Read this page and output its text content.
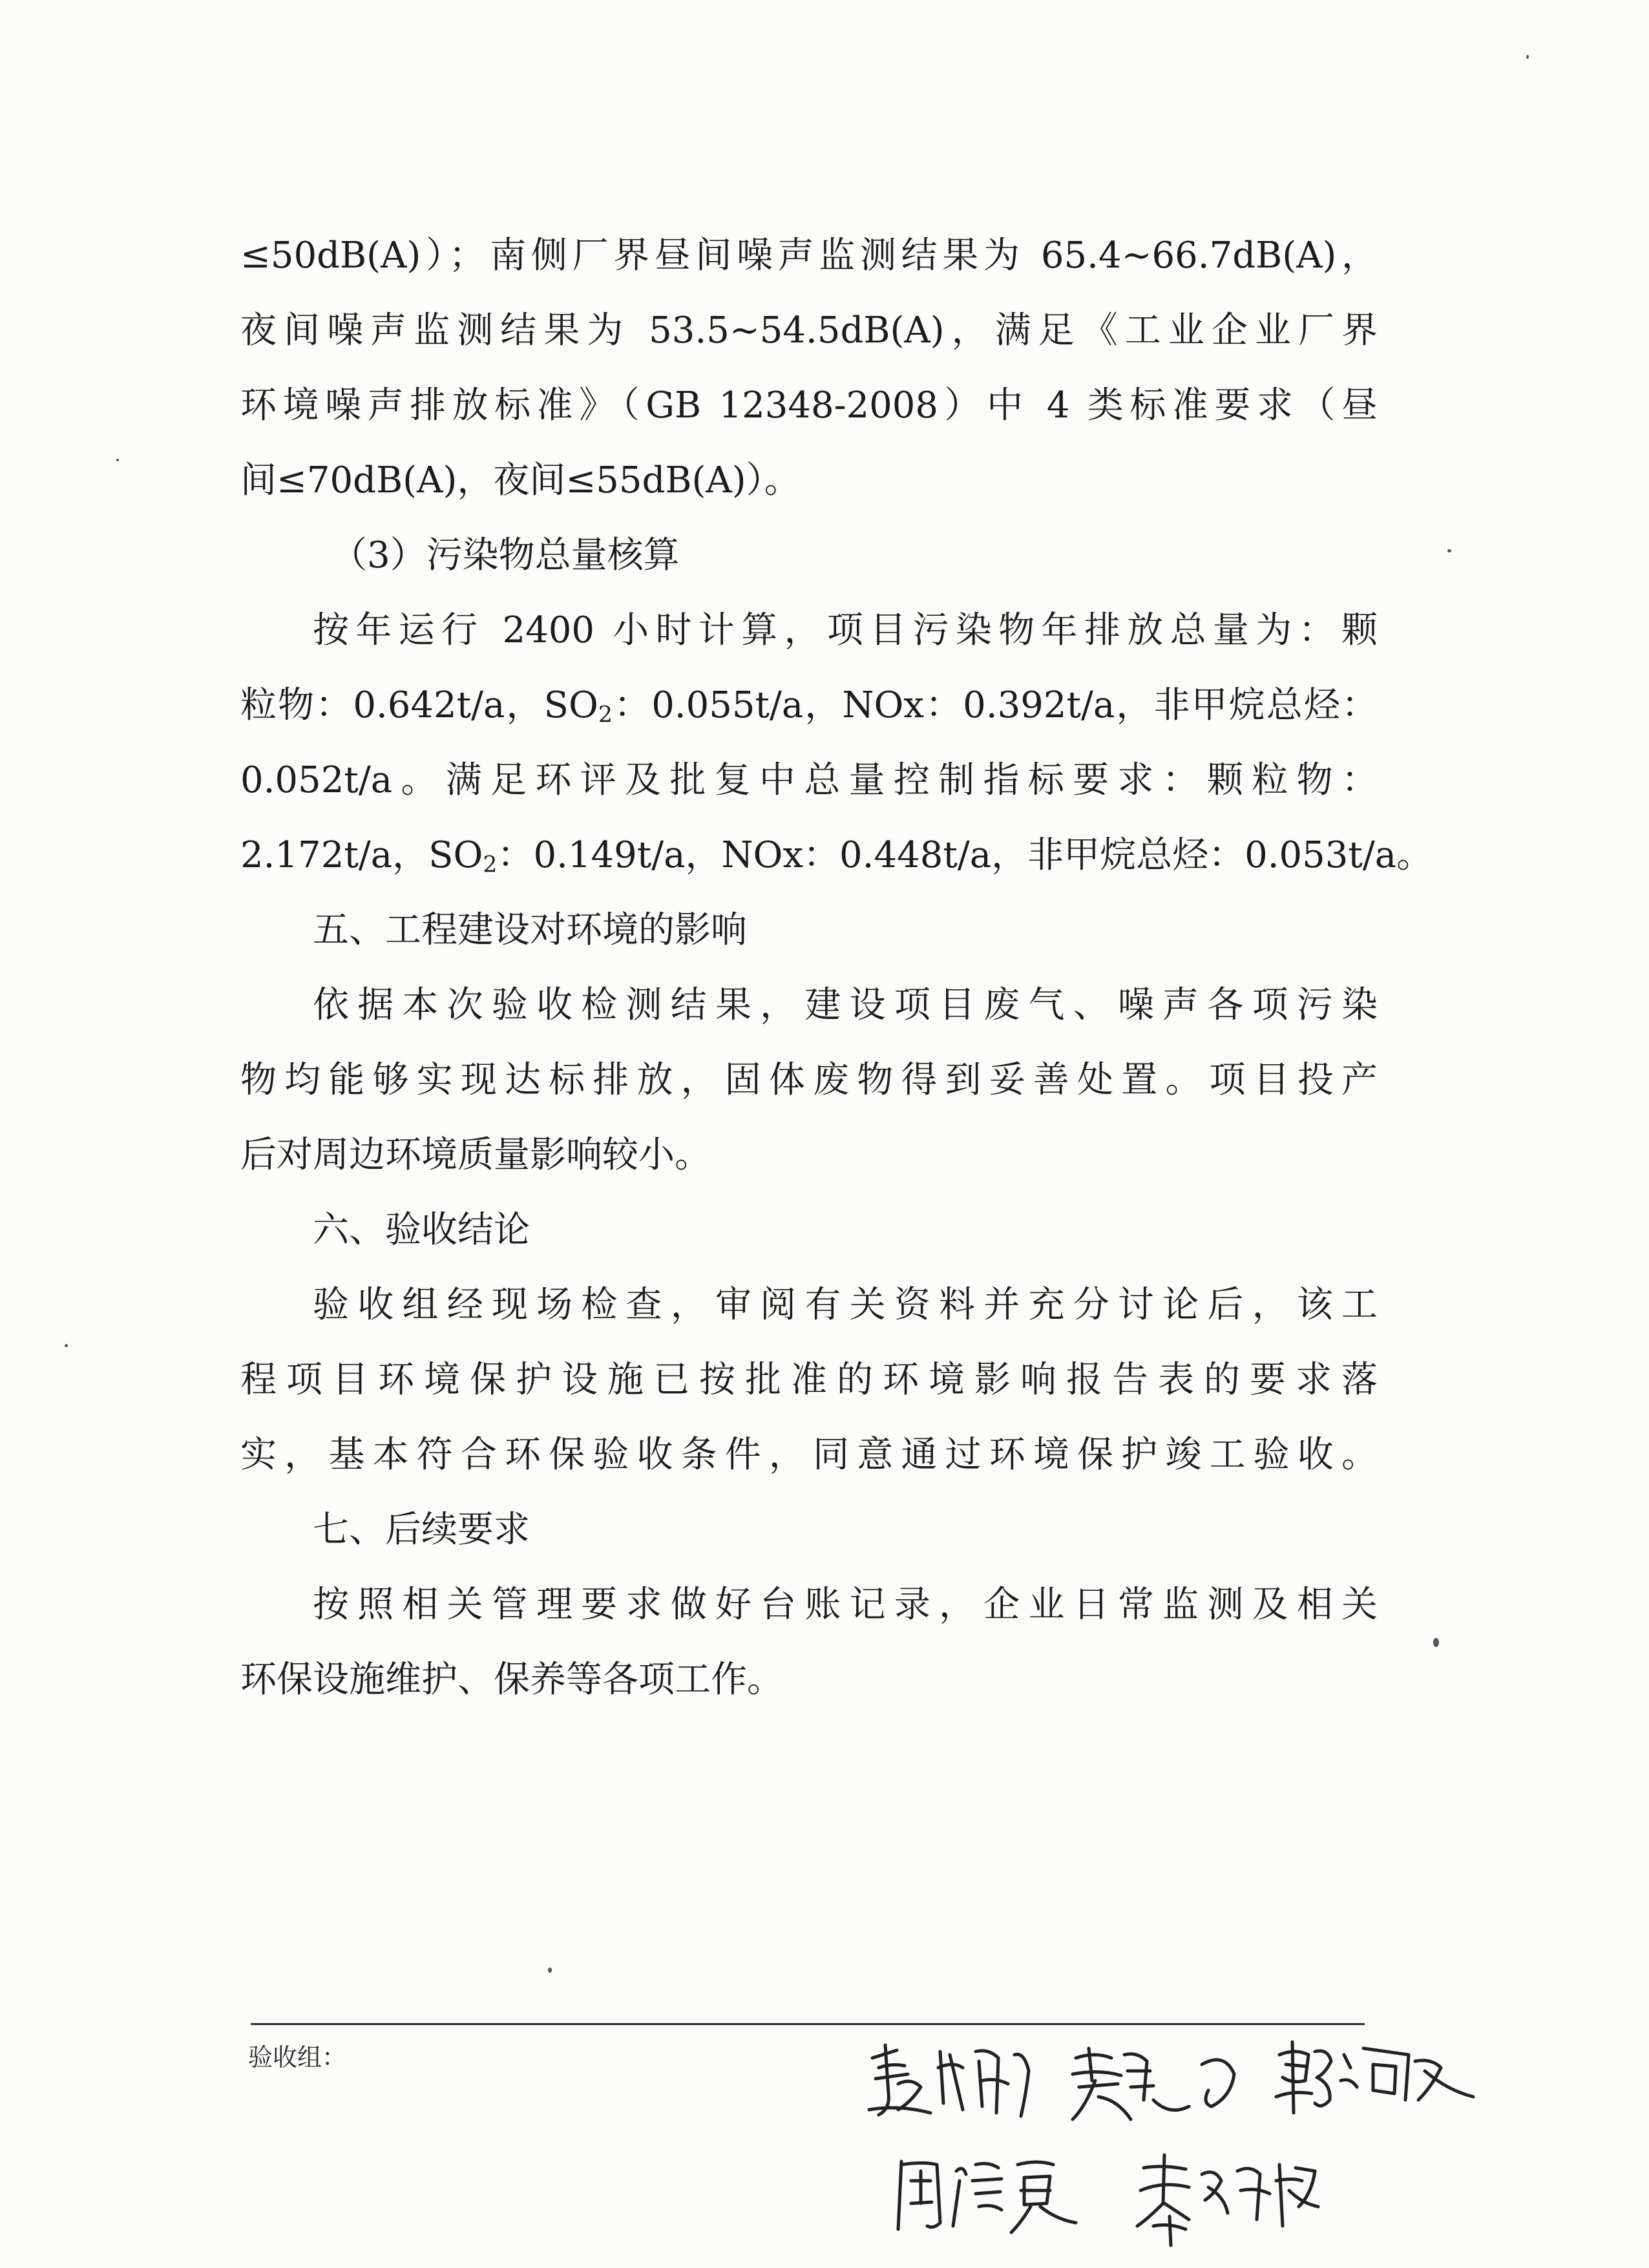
≤50dB(A)）；南侧厂界昼间噪声监测结果为 65.4~66.7dB(A)，
夜间噪声监测结果为 53.5~54.5dB(A)，满足《工业企业厂界
环境噪声排放标准》（GB 12348-2008）中 4 类标准要求（昼
间≤70dB(A)，夜间≤55dB(A)）。
（3）污染物总量核算
按年运行 2400 小时计算，项目污染物年排放总量为：颗
粒物：0.642t/a，$SO_2$：0.055t/a，NOx：0.392t/a，非甲烷总烃：
0.052t/a。满足环评及批复中总量控制指标要求：颗粒物：
2.172t/a，$SO_2$：0.149t/a，NOx：0.448t/a，非甲烷总烃：0.053t/a。
五、工程建设对环境的影响
依据本次验收检测结果，建设项目废气、噪声各项污染
物均能够实现达标排放，固体废物得到妥善处置。项目投产
后对周边环境质量影响较小。
六、验收结论
验收组经现场检查，审阅有关资料并充分讨论后，该工
程项目环境保护设施已按批准的环境影响报告表的要求落
实，基本符合环保验收条件，同意通过环境保护竣工验收。
七、后续要求
按照相关管理要求做好台账记录，企业日常监测及相关
环保设施维护、保养等各项工作。
验收组：
